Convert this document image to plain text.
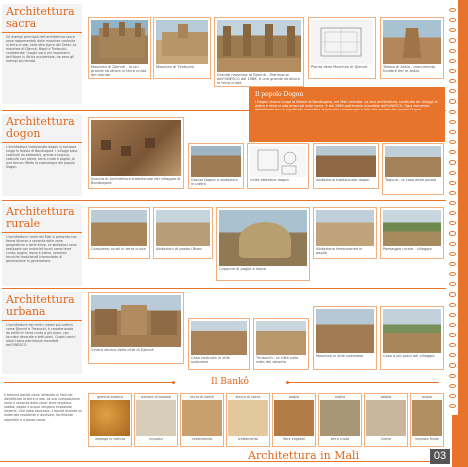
Architettura sacra

Gli esempi principali dell'architettura sacra sono rappresentati dalle moschee costruite in terra cruda, nello stile tipico del Sahel. Le moschee di Djenné, Mopti e Timbuctù, considerate i luoghi sacri più importanti dell'Islam in Africa occidentale, ne sono gli esempi più famosi.

Moschea di Djenné - la più grande struttura in terra cruda del mondo
Moschea di Timbuctù
Grande moschea di Djenné - Patrimonio dell'UNESCO dal 1988, è una grande struttura in terra cruda
Pianta della Moschea di Djenné	Tomba di Askia - monumento funebre del re Askia
Il popolo Dogon

I Dogon vivono lungo la falesia di Bandiagara, nel Mali centrale. La loro architettura, costituita da villaggi in pietra e terra cruda arroccati sulle rocce, è dal 1989 patrimonio mondiale dell'UNESCO. Ogni elemento

Architettura dogon

L'architettura tradizionale dogon si sviluppa lungo la falesia di Bandiagara. I villaggi sono costituiti da abitazioni, granai e toguna, costruiti con pietra, terra cruda e paglia; la loro forma riflette la cosmologia del popolo Dogon.

Scorcio di architettura tradizionale del villaggio di Bandiagara
Granai Dogon e abitazioni in pietra
Unità abitativa dogon	Abitazione tradizionale dogon	Toguna - la casa della parola
Architettura rurale

L'architettura rurale del Mali si presenta con forme diverse a seconda delle zone geografiche e delle etnie. Le abitazioni sono realizzate con materiali locali come terra cruda, paglia, legno e pietra, secondo tecniche tradizionali tramandate di generazione in generazione.

Complessi rurali in terra cruda	Abitazioni di pastori Bozo
Capanne di paglia e legno
Abitazione temporanea in paglia
Paesaggio rurale - villaggio
Architettura urbana

L'architettura dei centri urbani più antichi, come Djenné e Timbuctù, è caratterizzata da edifici in terra cruda a più piani, con facciate decorate e tetti piani. Questi centri storici sono patrimonio mondiale dell'UNESCO.

Centro storico della città di Djenné
Casa costruita in stile sudanese
Timbuctù - la città sulla rotta del deserto
Moschea in stile sudanese	Casa a più piani del villaggio
Il Bankô
Il termine bankô viene utilizzato in Mali per identificare la terra cruda. La sua composizione varia a seconda della zona: terra argillosa, sabbia, paglia e acqua vengono impastate insieme. Una volta essiccato, il bankô diventa un materiale resistente e durevole, facilmente reperibile e a basso costo.
gomma arabica
impiego in cottura
polvere di baobab
impasto
burro di karité
rivestimento
sterco di vacca
trattamento
paglia
fibre vegetali
argilla
terra cruda
sabbia
inerte
acqua
impasto finale
Architettura in Mali	03
